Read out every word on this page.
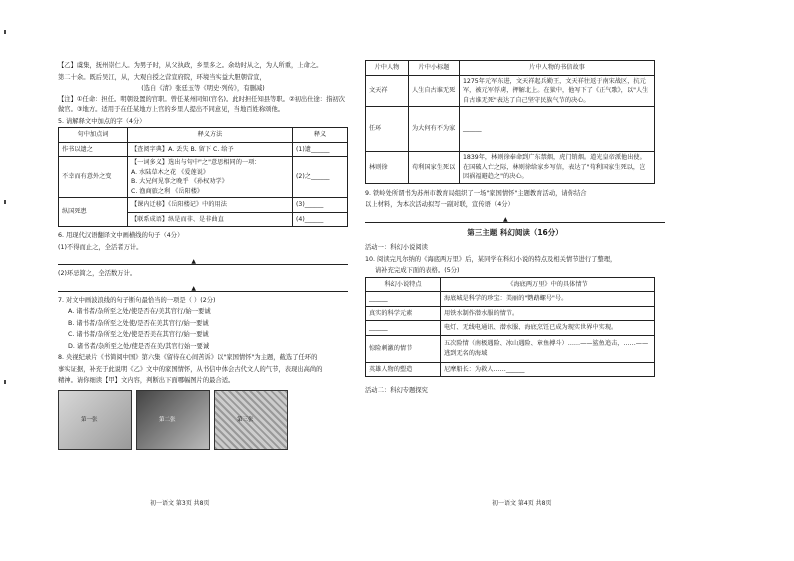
【乙】虞集，抚州崇仁人。为男子时，从父执政，乡里多之。余幼时从之，为人所重，上命之。
第二十余。既后吴江，从，大观自授之营宣府院，环境当实益大胆朝营宣，
(选自《清》张廷玉等《明史·列传》，有删减)
【注】①任命：担任。明朝设置的官职。曾任某州同知(官名)。此时担任知县等职。②初出仕途：指初次做官。③地方。适用于在任某地方上官的乡里人提出不同意见，当地百姓称颂他。
5. 请解释文中加点的字（4分）
句中加点词	释义方法	释义
作书以遗之	【查阅字典】A. 丢失 B. 留下 C. 给予	(1)遗______
不幸而有意外之变	【一词多义】选出与句中"之"意思相同的一项：
A. 水陆草木之花 《爱莲说》
B. 大兄何见事之晚乎 《孙权劝学》
C. 渔商旅之利 《岳阳楼》	(2)之______
纵国死患	【课内迁移】《岳阳楼记》中的用法	(3)______
	【联系成语】纵是而非、是非曲直	(4)______
6. 用现代汉语翻译文中画横线的句子（4分）
(1)不得而止之，全活者万计。
▲
(2)环忌简之，全活数万计。
▲
7. 对文中画波浪线的句子断句最恰当的一项是（ ）(2分)
A. 诸书者/杂所至之处/使是否在/美其官行/始一要诚
B. 诸书者/杂所至之处使/是否在美其官行/始一要诚
C. 诸书者/杂所至之处/使是否美在其官行/始一要诚
D. 诸书者/杂所至之处/使是否在美/其官行始一要诚
8. 央视纪录片《书简阅中国》第六集《留待在心间苦诉》以"家国情怀"为主题，截选了任环的
事实证据，补充于此说明《乙》文中的家国情怀，从书信中体会古代文人的气节，表现出高尚的
精神。请你细读【甲】文内容，判断出下面哪幅图片的最合适。
第一张	第二张	第三张
初一语文 第3页 共8页
片中人物	片中小标题	片中人物的书信故事
文天祥	人生自古谁无死	1275年元军东进，文天祥起兵勤王，文天祥往返于南宋战区，抗元军，被元军俘虏，押解北上。在狱中，他写下了《正气歌》，以"人生自古谁无死"表达了自己坚守民族气节的决心。
任环	为大何有不为家	______
林则徐	苟利国家生死以	1839年，林则徐奉命到广东禁烟，虎门销烟。道光皇帝派他出使。在国破人亡之际，林则徐给家乡写信，表达了"苟利国家生死以，岂因祸福避趋之"的决心。
9. 铁岭处所谓书为苏州市教育局组织了一场"家国情怀"主题教育活动，请你结合
以上材料，为本次活动拟写一副对联，宣传语（4分）
▲
第三主题 科幻阅读（16分）
活动一：科幻小说阅读
10. 阅读完凡尔纳的《海底两万里》后，某同学在科幻小说的特点及相关情节进行了整理，
请补充完成下面的表格。(5分)
科幻小说特点	《海底两万里》中的具体情节
______	海底城是科学的珍宝：美丽的"鹦鹉螺号"号。
真实的科学元素	用铁水制作潜水服的情节。
______	电灯、无线电通讯、潜水服、海底烹饪已成为现实世界中实现。
惊险刺激的情节	五次险情（南极遇险、冰山遇险、章鱼搏斗）……——鲨鱼追击，……——逃到无名的海域
英雄人物的塑造	尼摩船长：为救人……______
活动二：科幻专题探究
初一语文 第4页 共8页
